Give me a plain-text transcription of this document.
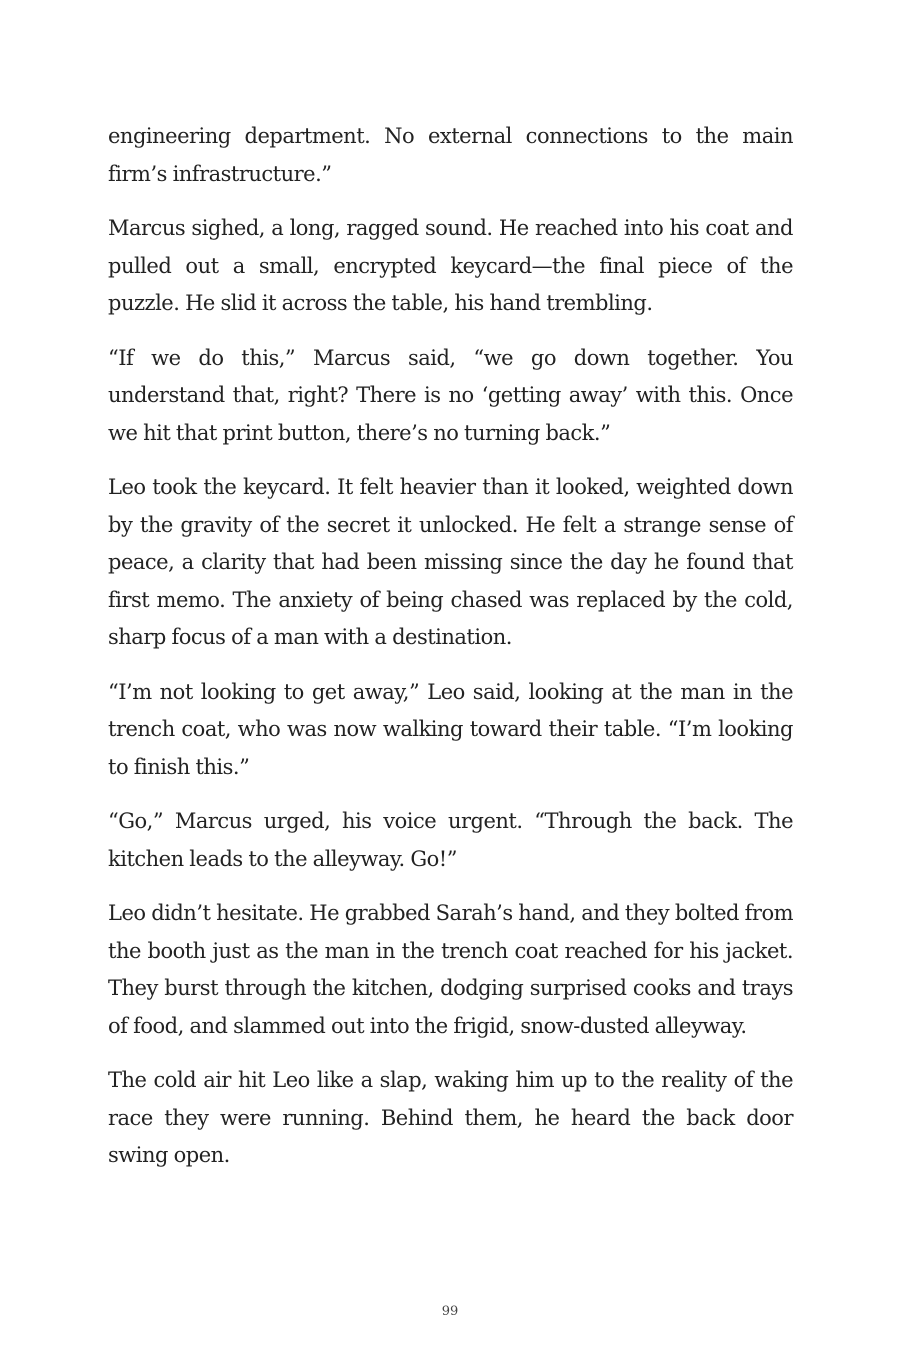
engineering department. No external connections to the main firm’s infrastructure.”

Marcus sighed, a long, ragged sound. He reached into his coat and pulled out a small, encrypted keycard—the final piece of the puzzle. He slid it across the table, his hand trembling.

“If we do this,” Marcus said, “we go down together. You understand that, right? There is no ‘getting away’ with this. Once we hit that print button, there’s no turning back.”

Leo took the keycard. It felt heavier than it looked, weighted down by the gravity of the secret it unlocked. He felt a strange sense of peace, a clarity that had been missing since the day he found that first memo. The anxiety of being chased was replaced by the cold, sharp focus of a man with a destination.

“I’m not looking to get away,” Leo said, looking at the man in the trench coat, who was now walking toward their table. “I’m looking to finish this.”

“Go,” Marcus urged, his voice urgent. “Through the back. The kitchen leads to the alleyway. Go!”

Leo didn’t hesitate. He grabbed Sarah’s hand, and they bolted from the booth just as the man in the trench coat reached for his jacket. They burst through the kitchen, dodging surprised cooks and trays of food, and slammed out into the frigid, snow-dusted alleyway.

The cold air hit Leo like a slap, waking him up to the reality of the race they were running. Behind them, he heard the back door swing open.

99
